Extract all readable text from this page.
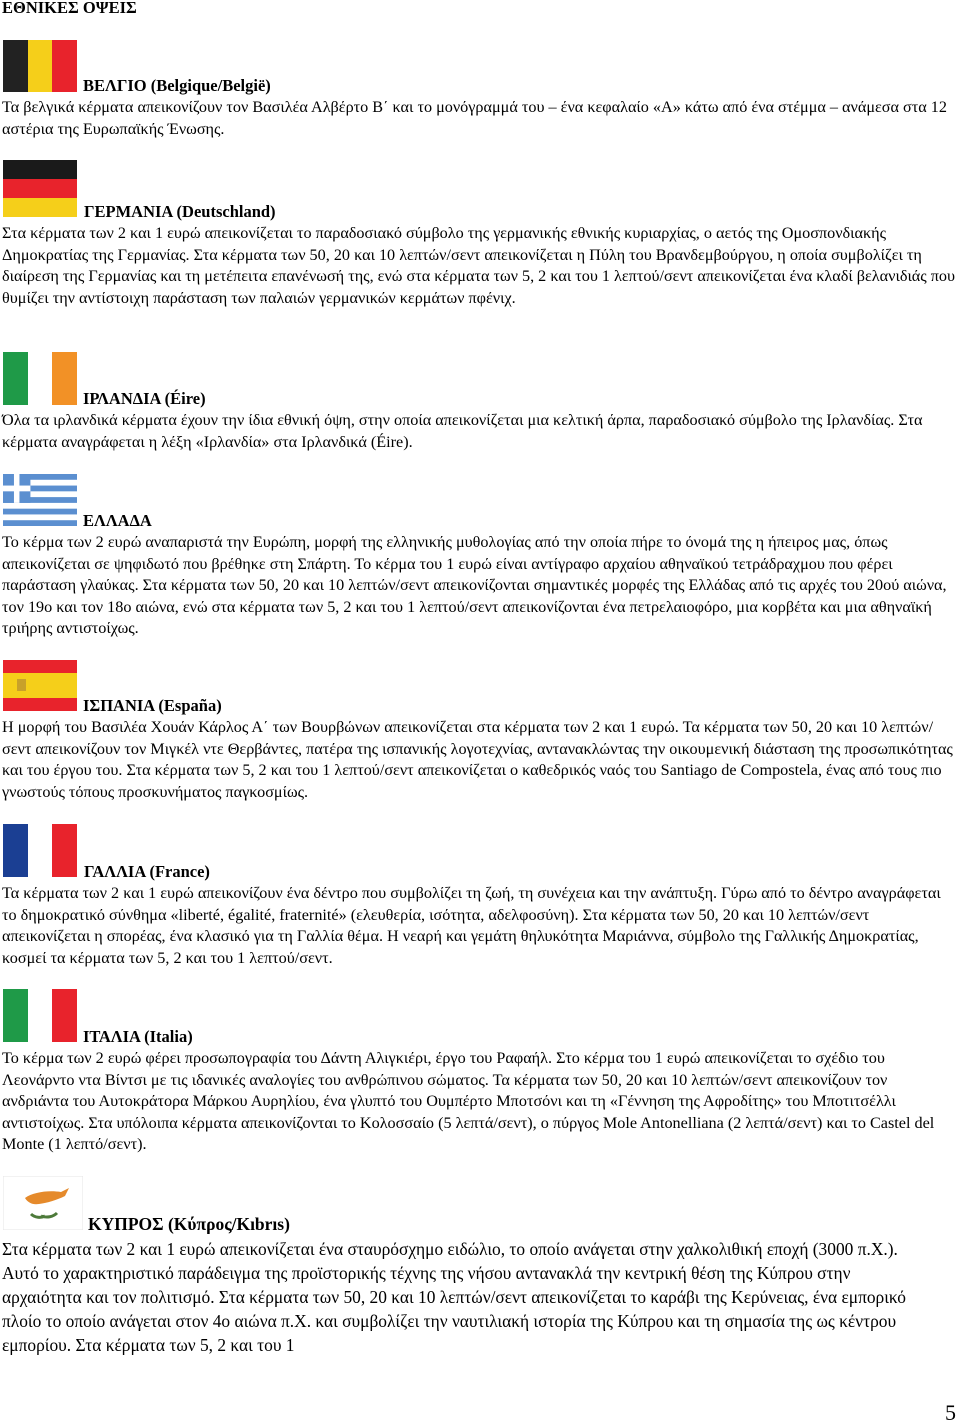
ΕΘΝΙΚΕΣ ΟΨΕΙΣ
ΒΕΛΓΙΟ (Belgique/België)

Τα βελγικά κέρματα απεικονίζουν τον Βασιλέα Αλβέρτο Β΄ και το μονόγραμμά του – ένα κεφαλαίο «Α» κάτω από ένα στέμμα – ανάμεσα στα 12 αστέρια της Ευρωπαϊκής Ένωσης.

ΓΕΡΜΑΝΙΑ (Deutschland)

Στα κέρματα των 2 και 1 ευρώ απεικονίζεται το παραδοσιακό σύμβολο της γερμανικής εθνικής κυριαρχίας, ο αετός της Ομοσπονδιακής Δημοκρατίας της Γερμανίας. Στα κέρματα των 50, 20 και 10 λεπτών/σεντ απεικονίζεται η Πύλη του Βρανδεμβούργου, η οποία συμβολίζει τη διαίρεση της Γερμανίας και τη μετέπειτα επανένωσή της, ενώ στα κέρματα των 5, 2 και του 1 λεπτού/σεντ απεικονίζεται ένα κλαδί βελανιδιάς που θυμίζει την αντίστοιχη παράσταση των παλαιών γερμανικών κερμάτων πφένιχ.

ΙΡΛΑΝΔΙΑ (Éire)

Όλα τα ιρλανδικά κέρματα έχουν την ίδια εθνική όψη, στην οποία απεικονίζεται μια κελτική άρπα, παραδοσιακό σύμβολο της Ιρλανδίας. Στα κέρματα αναγράφεται η λέξη «Ιρλανδία» στα Ιρλανδικά (Éire).

ΕΛΛΑΔΑ

Το κέρμα των 2 ευρώ αναπαριστά την Ευρώπη, μορφή της ελληνικής μυθολογίας από την οποία πήρε το όνομά της η ήπειρος μας, όπως απεικονίζεται σε ψηφιδωτό που βρέθηκε στη Σπάρτη. Το κέρμα του 1 ευρώ είναι αντίγραφο αρχαίου αθηναϊκού τετράδραχμου που φέρει παράσταση γλαύκας. Στα κέρματα των 50, 20 και 10 λεπτών/σεντ απεικονίζονται σημαντικές μορφές της Ελλάδας από τις αρχές του 20ού αιώνα, τον 19ο και τον 18ο αιώνα, ενώ στα κέρματα των 5, 2 και του 1 λεπτού/σεντ απεικονίζονται ένα πετρελαιοφόρο, μια κορβέτα και μια αθηναϊκή τριήρης αντιστοίχως.

ΙΣΠΑΝΙΑ (España)

Η μορφή του Βασιλέα Χουάν Κάρλος Α΄ των Βουρβώνων απεικονίζεται στα κέρματα των 2 και 1 ευρώ. Τα κέρματα των 50, 20 και 10 λεπτών/σεντ απεικονίζουν τον Μιγκέλ ντε Θερβάντες, πατέρα της ισπανικής λογοτεχνίας, αντανακλώντας την οικουμενική διάσταση της προσωπικότητας και του έργου του. Στα κέρματα των 5, 2 και του 1 λεπτού/σεντ απεικονίζεται ο καθεδρικός ναός του Santiago de Compostela, ένας από τους πιο γνωστούς τόπους προσκυνήματος παγκοσμίως.

ΓΑΛΛΙΑ (France)

Τα κέρματα των 2 και 1 ευρώ απεικονίζουν ένα δέντρο που συμβολίζει τη ζωή, τη συνέχεια και την ανάπτυξη. Γύρω από το δέντρο αναγράφεται το δημοκρατικό σύνθημα «liberté, égalité, fraternité» (ελευθερία, ισότητα, αδελφοσύνη). Στα κέρματα των 50, 20 και 10 λεπτών/σεντ απεικονίζεται η σπορέας, ένα κλασικό για τη Γαλλία θέμα. Η νεαρή και γεμάτη θηλυκότητα Μαριάννα, σύμβολο της Γαλλικής Δημοκρατίας, κοσμεί τα κέρματα των 5, 2 και του 1 λεπτού/σεντ.

ΙΤΑΛΙΑ (Italia)

Το κέρμα των 2 ευρώ φέρει προσωπογραφία του Δάντη Αλιγκιέρι, έργο του Ραφαήλ. Στο κέρμα του 1 ευρώ απεικονίζεται το σχέδιο του Λεονάρντο ντα Βίντσι με τις ιδανικές αναλογίες του ανθρώπινου σώματος. Τα κέρματα των 50, 20 και 10 λεπτών/σεντ απεικονίζουν τον ανδριάντα του Αυτοκράτορα Μάρκου Αυρηλίου, ένα γλυπτό του Ουμπέρτο Μποτσόνι και τη «Γέννηση της Αφροδίτης» του Μποτιτσέλλι αντιστοίχως. Στα υπόλοιπα κέρματα απεικονίζονται το Κολοσσαίο (5 λεπτά/σεντ), ο πύργος Mole Antonelliana (2 λεπτά/σεντ) και το Castel del Monte (1 λεπτό/σεντ).

ΚΥΠΡΟΣ (Κύπρος/Kıbrıs)

Στα κέρματα των 2 και 1 ευρώ απεικονίζεται ένα σταυρόσχημο ειδώλιο, το οποίο ανάγεται στην χαλκολιθική εποχή (3000 π.Χ.). Αυτό το χαρακτηριστικό παράδειγμα της προϊστορικής τέχνης της νήσου αντανακλά την κεντρική θέση της Κύπρου στην αρχαιότητα και τον πολιτισμό. Στα κέρματα των 50, 20 και 10 λεπτών/σεντ απεικονίζεται το καράβι της Κερύνειας, ένα εμπορικό πλοίο το οποίο ανάγεται στον 4ο αιώνα π.Χ. και συμβολίζει την ναυτιλιακή ιστορία της Κύπρου και τη σημασία της ως κέντρου εμπορίου. Στα κέρματα των 5, 2 και του 1

5
